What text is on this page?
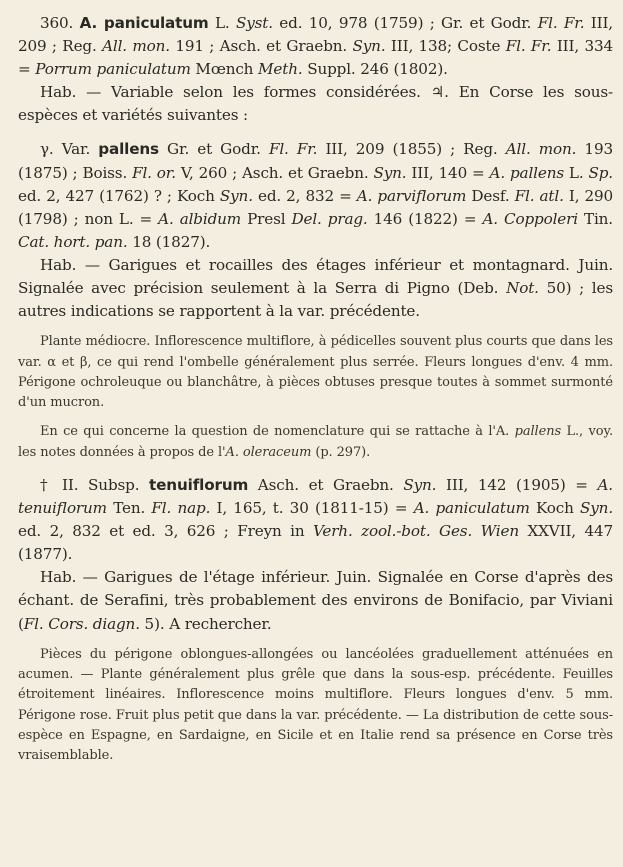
360. A. paniculatum L. Syst. ed. 10, 978 (1759) ; Gr. et Godr. Fl. Fr. III, 209 ; Reg. All. mon. 191 ; Asch. et Graebn. Syn. III, 138; Coste Fl. Fr. III, 334 = Porrum paniculatum Mœnch Meth. Suppl. 246 (1802).

Hab. — Variable selon les formes considérées. ♃. En Corse les sous-espèces et variétés suivantes :

γ. Var. pallens Gr. et Godr. Fl. Fr. III, 209 (1855) ; Reg. All. mon. 193 (1875) ; Boiss. Fl. or. V, 260 ; Asch. et Graebn. Syn. III, 140 = A. pallens L. Sp. ed. 2, 427 (1762) ? ; Koch Syn. ed. 2, 832 = A. parviflorum Desf. Fl. atl. I, 290 (1798) ; non L. = A. albidum Presl Del. prag. 146 (1822) = A. Coppoleri Tin. Cat. hort. pan. 18 (1827).

Hab. — Garigues et rocailles des étages inférieur et montagnard. Juin. Signalée avec précision seulement à la Serra di Pigno (Deb. Not. 50) ; les autres indications se rapportent à la var. précédente.

Plante médiocre. Inflorescence multiflore, à pédicelles souvent plus courts que dans les var. α et β, ce qui rend l'ombelle généralement plus serrée. Fleurs longues d'env. 4 mm. Périgone ochroleuque ou blanchâtre, à pièces obtuses presque toutes à sommet surmonté d'un mucron.

En ce qui concerne la question de nomenclature qui se rattache à l'A. pallens L., voy. les notes données à propos de l'A. oleraceum (p. 297).

† II. Subsp. tenuiflorum Asch. et Graebn. Syn. III, 142 (1905) = A. tenuiflorum Ten. Fl. nap. I, 165, t. 30 (1811-15) = A. paniculatum Koch Syn. ed. 2, 832 et ed. 3, 626 ; Freyn in Verh. zool.-bot. Ges. Wien XXVII, 447 (1877).

Hab. — Garigues de l'étage inférieur. Juin. Signalée en Corse d'après des échant. de Serafini, très probablement des environs de Bonifacio, par Viviani (Fl. Cors. diagn. 5). A rechercher.

Pièces du périgone oblongues-allongées ou lancéolées graduellement atténuées en acumen. — Plante généralement plus grêle que dans la sous-esp. précédente. Feuilles étroitement linéaires. Inflorescence moins multiflore. Fleurs longues d'env. 5 mm. Périgone rose. Fruit plus petit que dans la var. précédente. — La distribution de cette sous-espèce en Espagne, en Sardaigne, en Sicile et en Italie rend sa présence en Corse très vraisemblable.
